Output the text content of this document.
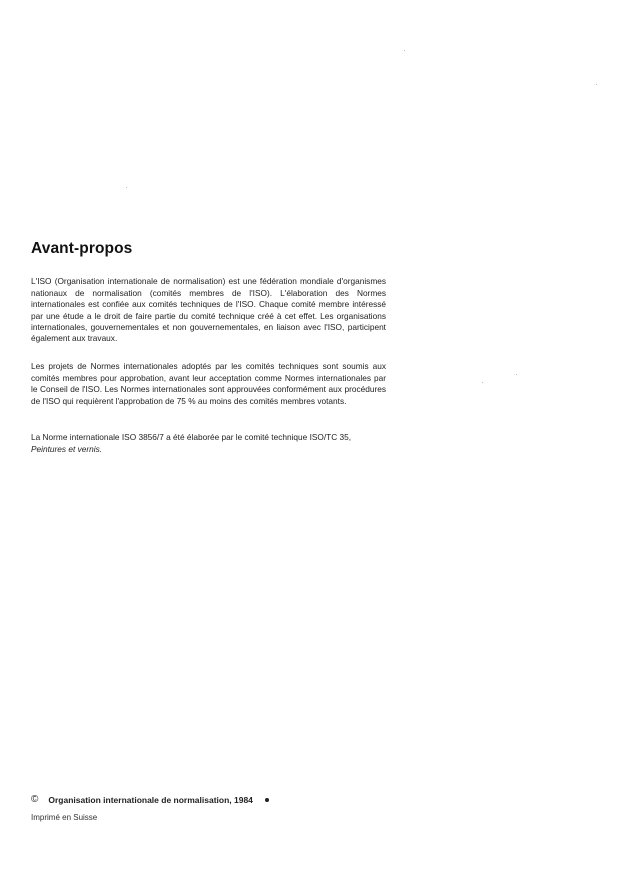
Avant-propos

L'ISO (Organisation internationale de normalisation) est une fédération mondiale d'organismes nationaux de normalisation (comités membres de l'ISO). L'élaboration des Normes internationales est confiée aux comités techniques de l'ISO. Chaque comité membre intéressé par une étude a le droit de faire partie du comité technique créé à cet effet. Les organisations internationales, gouvernementales et non gouvernementales, en liaison avec l'ISO, participent également aux travaux.

Les projets de Normes internationales adoptés par les comités techniques sont soumis aux comités membres pour approbation, avant leur acceptation comme Normes internationales par le Conseil de l'ISO. Les Normes internationales sont approuvées conformément aux procédures de l'ISO qui requièrent l'approbation de 75 % au moins des comités membres votants.

La Norme internationale ISO 3856/7 a été élaborée par le comité technique ISO/TC 35,
Peintures et vernis.

© Organisation internationale de normalisation, 1984
Imprimé en Suisse
